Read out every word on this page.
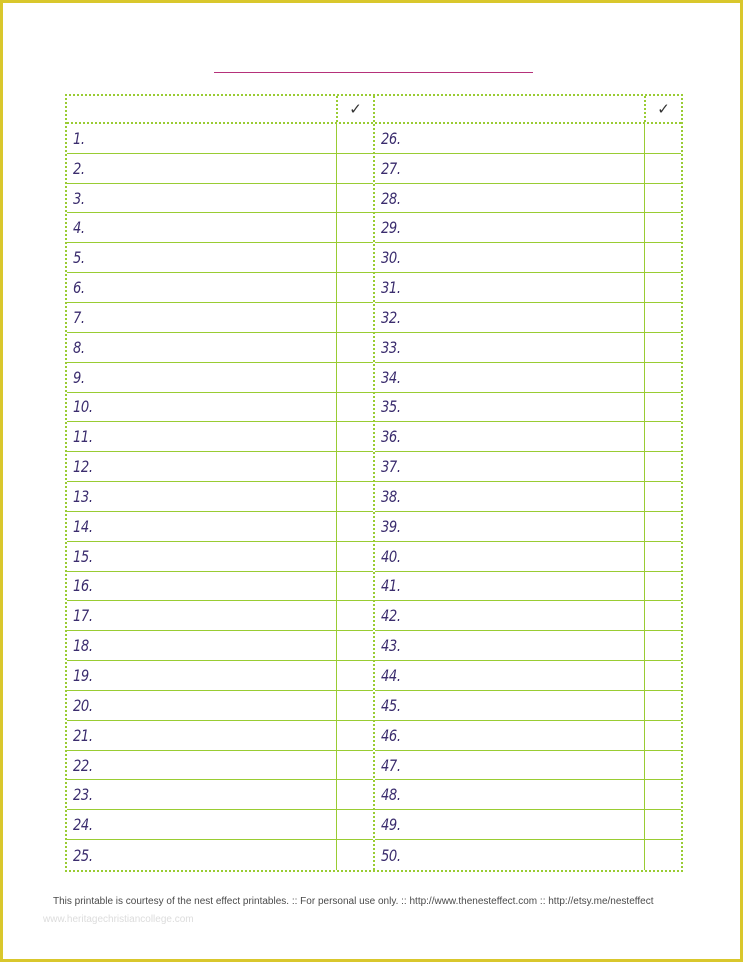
✓
1.
2.
3.
4.
5.
6.
7.
8.
9.
10.
11.
12.
13.
14.
15.
16.
17.
18.
19.
20.
21.
22.
23.
24.
25.
✓
26.
27.
28.
29.
30.
31.
32.
33.
34.
35.
36.
37.
38.
39.
40.
41.
42.
43.
44.
45.
46.
47.
48.
49.
50.
This printable is courtesy of the nest effect printables. :: For personal use only. :: http://www.thenesteffect.com :: http://etsy.me/nesteffect
www.heritagechristiancollege.com
